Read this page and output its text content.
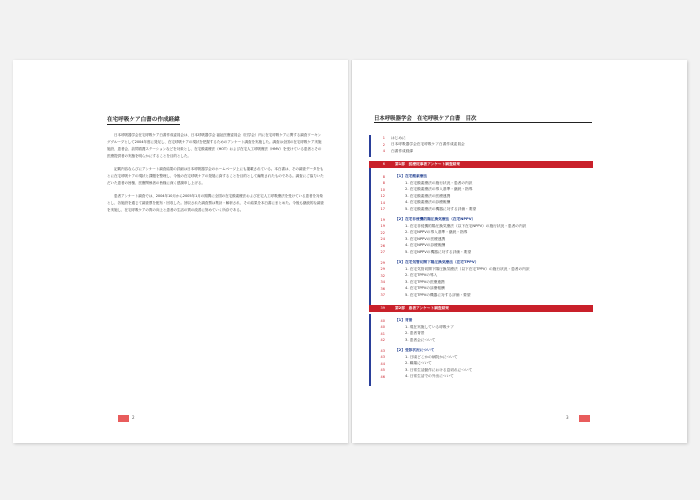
在宅呼吸ケア白書の作成経緯

日本呼吸器学会在宅呼吸ケア白書作成委員会は、日本呼吸器学会 福祉医療委員会（旧学会）内に在宅呼吸ケアに関する調査ワーキンググループとして2004年度に発足し、在宅呼吸ケアの現状を把握するためのアンケート調査を実施した。調査は全国の在宅呼吸ケア実施施設、患者会、訪問看護ステーションなどを対象とし、在宅酸素療法（HOT）および在宅人工呼吸療法（HMV）を受けている患者とその医療提供者の実態を明らかにすることを目的とした。

記載内容ならびにアンケート調査結果の詳細は日本呼吸器学会のホームページ上にも掲載されている。本白書は、その調査データをもとに在宅呼吸ケアの現状と課題を整理し、今後の在宅呼吸ケアの発展に資することを目的として編集されたものである。調査にご協力いただいた患者の皆様、医療関係者の皆様に深く感謝申し上げる。

患者アンケート調査では、2004年10月から2005年1月の期間に全国の在宅酸素療法および在宅人工呼吸療法を受けている患者を対象とし、各施設を通じて調査票を配布・回収した。回収された調査票は集計・解析され、その結果を本白書にまとめた。今後も継続的な調査を実施し、在宅呼吸ケアの質の向上と患者の生活の質の改善に努めていく所存である。

2
日本呼吸器学会　在宅呼吸ケア白書　目次
1	はじめに
2	日本呼吸器学会在宅呼吸ケア白書作成委員会
4	白書作成経緯
6	第1部　医療従事者アンケート調査結果
8	【1】在宅酸素療法
8	1. 在宅酸素療法の施行状況・患者の内訳
10	2. 在宅酸素療法の導入基準・継続・指導
12	3. 在宅酸素療法の医療連携
14	4. 在宅酸素療法の診療報酬
17	5. 在宅酸素療法の機器に対する評価・要望
19	【2】在宅非侵襲的陽圧換気療法（在宅NPPV）
19	1. 在宅非侵襲的陽圧換気療法（以下在宅NPPV）の施行状況・患者の内訳
22	2. 在宅NPPVの導入基準・継続・指導
24	3. 在宅NPPVの医療連携
26	4. 在宅NPPVの診療報酬
27	5. 在宅NPPVの機器に対する評価・要望
29	【3】在宅気管切開下陽圧換気療法（在宅TPPV）
29	1. 在宅気管切開下陽圧換気療法（以下在宅TPPV）の施行状況・患者の内訳
32	2. 在宅TPPVの導入
34	3. 在宅TPPVの医療連携
36	4. 在宅TPPVの診療報酬
37	5. 在宅TPPVの機器に対する評価・要望
39	第2部　患者アンケート調査結果
40	【1】背景
40	1. 現在実施している呼吸ケア
41	2. 患者背景
42	3. 患者会について
43	【2】受診状況について
43	1. 日頃どこかの病院かについて
44	2. 職場について
45	3. 日常生活動作における息切れについて
46	4. 日常生活での外出について
3
